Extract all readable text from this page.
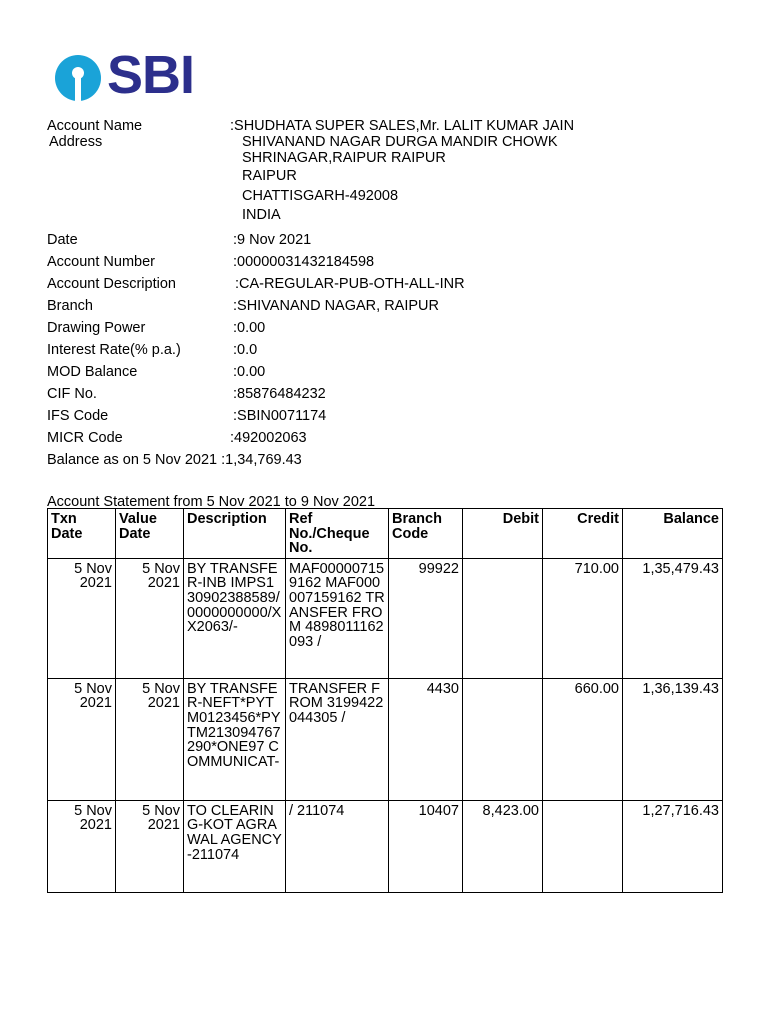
SBI
Account Name	:SHUDHATA SUPER SALES,Mr. LALIT KUMAR JAIN
Address	SHIVANAND NAGAR DURGA MANDIR CHOWK
SHRINAGAR,RAIPUR RAIPUR
RAIPUR
CHATTISGARH-492008
INDIA
Date	:9 Nov 2021
Account Number	:00000031432184598
Account Description	:CA-REGULAR-PUB-OTH-ALL-INR
Branch	:SHIVANAND NAGAR, RAIPUR
Drawing Power	:0.00
Interest Rate(% p.a.)	:0.0
MOD Balance	:0.00
CIF No.	:85876484232
IFS Code	:SBIN0071174
MICR Code	:492002063
Balance as on 5 Nov 2021 :1,34,769.43
Account Statement from 5 Nov 2021 to 9 Nov 2021
Txn Date	Value Date	Description	Ref No./Cheque No.	Branch Code	Debit	Credit	Balance
5 Nov 2021	5 Nov 2021	BY TRANSFER-INB IMPS130902388589/0000000000/XX2063/-	MAF000007159162 MAF000007159162 TRANSFER FROM 4898011162093 /	99922		710.00	1,35,479.43
5 Nov 2021	5 Nov 2021	BY TRANSFER-NEFT*PYTM0123456*PYTM213094767290*ONE97 COMMUNICAT-	TRANSFER FROM 3199422044305 /	4430		660.00	1,36,139.43
5 Nov 2021	5 Nov 2021	TO CLEARING-KOT AGRAWAL AGENCY-211074	/ 211074	10407	8,423.00		1,27,716.43
